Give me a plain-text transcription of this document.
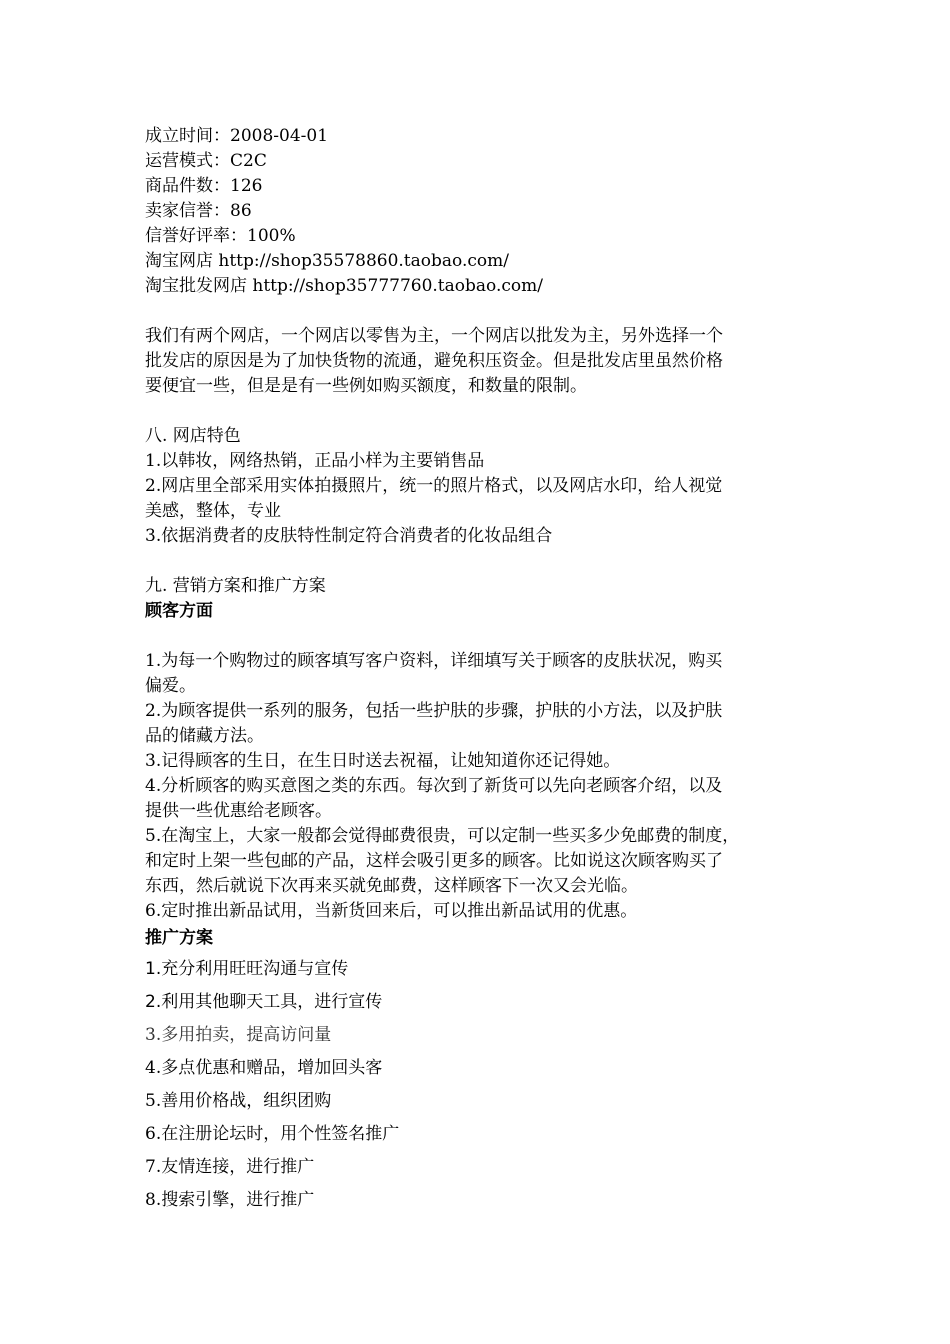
成立时间：2008-04-01
运营模式：C2C
商品件数：126
卖家信誉：86
信誉好评率：100%
淘宝网店 http://shop35578860.taobao.com/
淘宝批发网店 http://shop35777760.taobao.com/
我们有两个网店，一个网店以零售为主，一个网店以批发为主，另外选择一个
批发店的原因是为了加快货物的流通，避免积压资金。但是批发店里虽然价格
要便宜一些，但是是有一些例如购买额度，和数量的限制。
八. 网店特色
1.以韩妆，网络热销，正品小样为主要销售品
2.网店里全部采用实体拍摄照片，统一的照片格式，以及网店水印，给人视觉
美感，整体，专业
3.依据消费者的皮肤特性制定符合消费者的化妆品组合
九. 营销方案和推广方案
顾客方面
1.为每一个购物过的顾客填写客户资料，详细填写关于顾客的皮肤状况，购买
偏爱。
2.为顾客提供一系列的服务，包括一些护肤的步骤，护肤的小方法，以及护肤
品的储藏方法。
3.记得顾客的生日，在生日时送去祝福，让她知道你还记得她。
4.分析顾客的购买意图之类的东西。每次到了新货可以先向老顾客介绍，以及
提供一些优惠给老顾客。
5.在淘宝上，大家一般都会觉得邮费很贵，可以定制一些买多少免邮费的制度，
和定时上架一些包邮的产品，这样会吸引更多的顾客。比如说这次顾客购买了
东西，然后就说下次再来买就免邮费，这样顾客下一次又会光临。
6.定时推出新品试用，当新货回来后，可以推出新品试用的优惠。
推广方案
1.充分利用旺旺沟通与宣传
2.利用其他聊天工具，进行宣传
3.多用拍卖，提高访问量
4.多点优惠和赠品，增加回头客
5.善用价格战，组织团购
6.在注册论坛时，用个性签名推广
7.友情连接，进行推广
8.搜索引擎，进行推广
